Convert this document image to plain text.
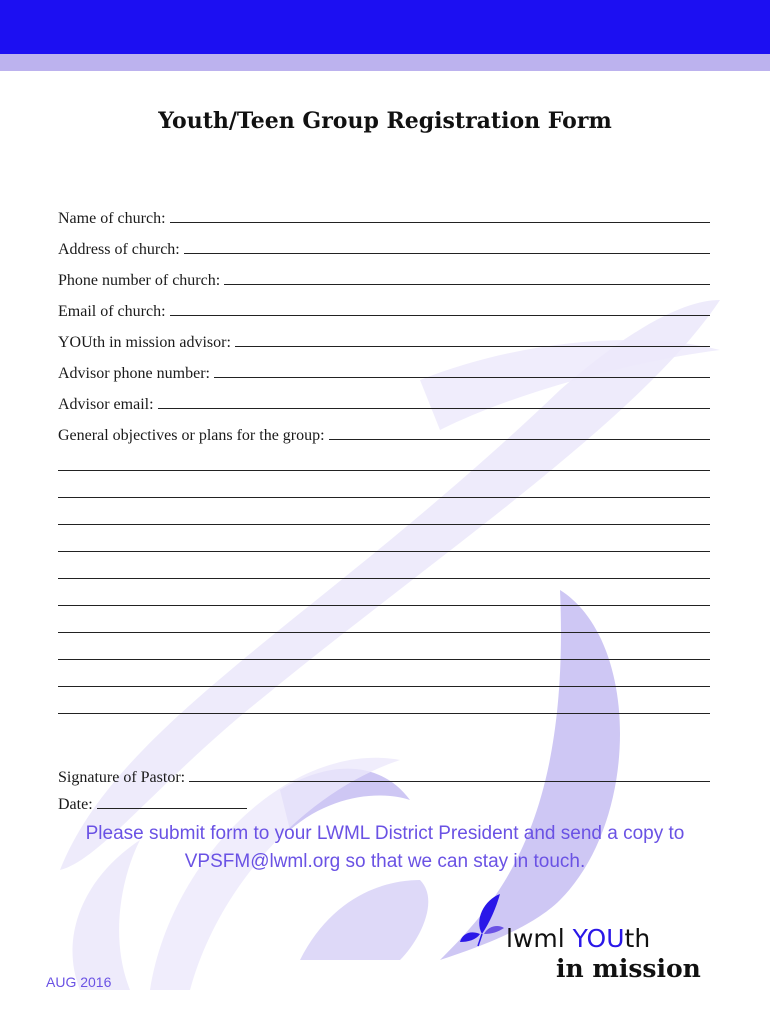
Youth/Teen Group Registration Form
Name of church:
Address of church:
Phone number of church:
Email of church:
YOUth in mission advisor:
Advisor phone number:
Advisor email:
General objectives or plans for the group:
Signature of Pastor:
Date:
Please submit form to your LWML District President and send a copy to
VPSFM@lwml.org so that we can stay in touch.
lwml YOUth
in mission
AUG 2016
